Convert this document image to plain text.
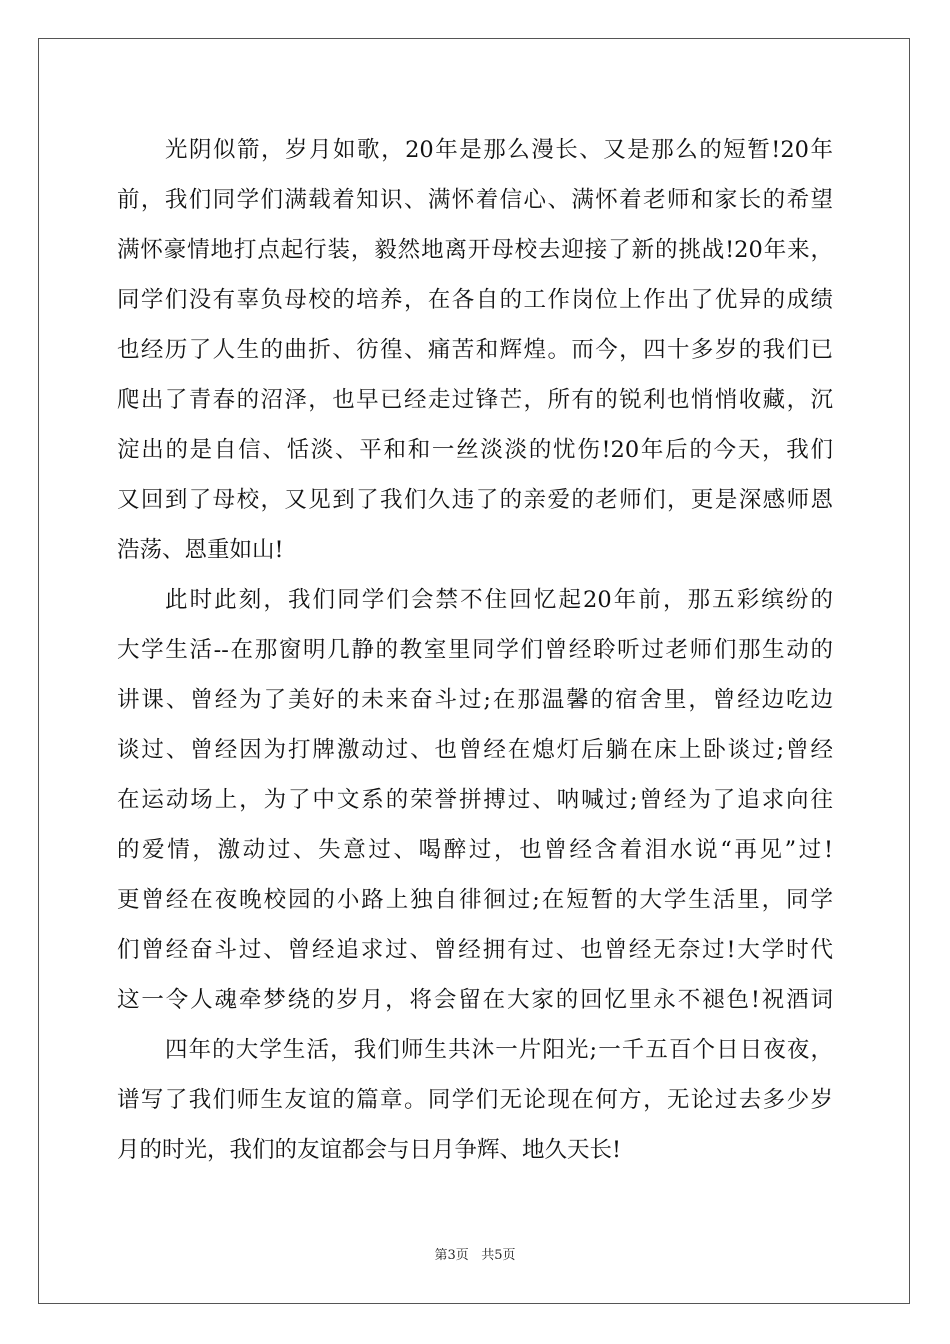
光阴似箭，岁月如歌，20年是那么漫长、又是那么的短暂!20年
前，我们同学们满载着知识、满怀着信心、满怀着老师和家长的希望
满怀豪情地打点起行装，毅然地离开母校去迎接了新的挑战!20年来，
同学们没有辜负母校的培养，在各自的工作岗位上作出了优异的成绩
也经历了人生的曲折、彷徨、痛苦和辉煌。而今，四十多岁的我们已
爬出了青春的沼泽，也早已经走过锋芒，所有的锐利也悄悄收藏，沉
淀出的是自信、恬淡、平和和一丝淡淡的忧伤!20年后的今天，我们
又回到了母校，又见到了我们久违了的亲爱的老师们，更是深感师恩
浩荡、恩重如山!
此时此刻，我们同学们会禁不住回忆起20年前，那五彩缤纷的
大学生活--在那窗明几静的教室里同学们曾经聆听过老师们那生动的
讲课、曾经为了美好的未来奋斗过;在那温馨的宿舍里，曾经边吃边
谈过、曾经因为打牌激动过、也曾经在熄灯后躺在床上卧谈过;曾经
在运动场上，为了中文系的荣誉拼搏过、呐喊过;曾经为了追求向往
的爱情，激动过、失意过、喝醉过，也曾经含着泪水说“再见”过!
更曾经在夜晚校园的小路上独自徘徊过;在短暂的大学生活里，同学
们曾经奋斗过、曾经追求过、曾经拥有过、也曾经无奈过!大学时代
这一令人魂牵梦绕的岁月，将会留在大家的回忆里永不褪色!祝酒词
四年的大学生活，我们师生共沐一片阳光;一千五百个日日夜夜，
谱写了我们师生友谊的篇章。同学们无论现在何方，无论过去多少岁
月的时光，我们的友谊都会与日月争辉、地久天长!
第3页 共5页
